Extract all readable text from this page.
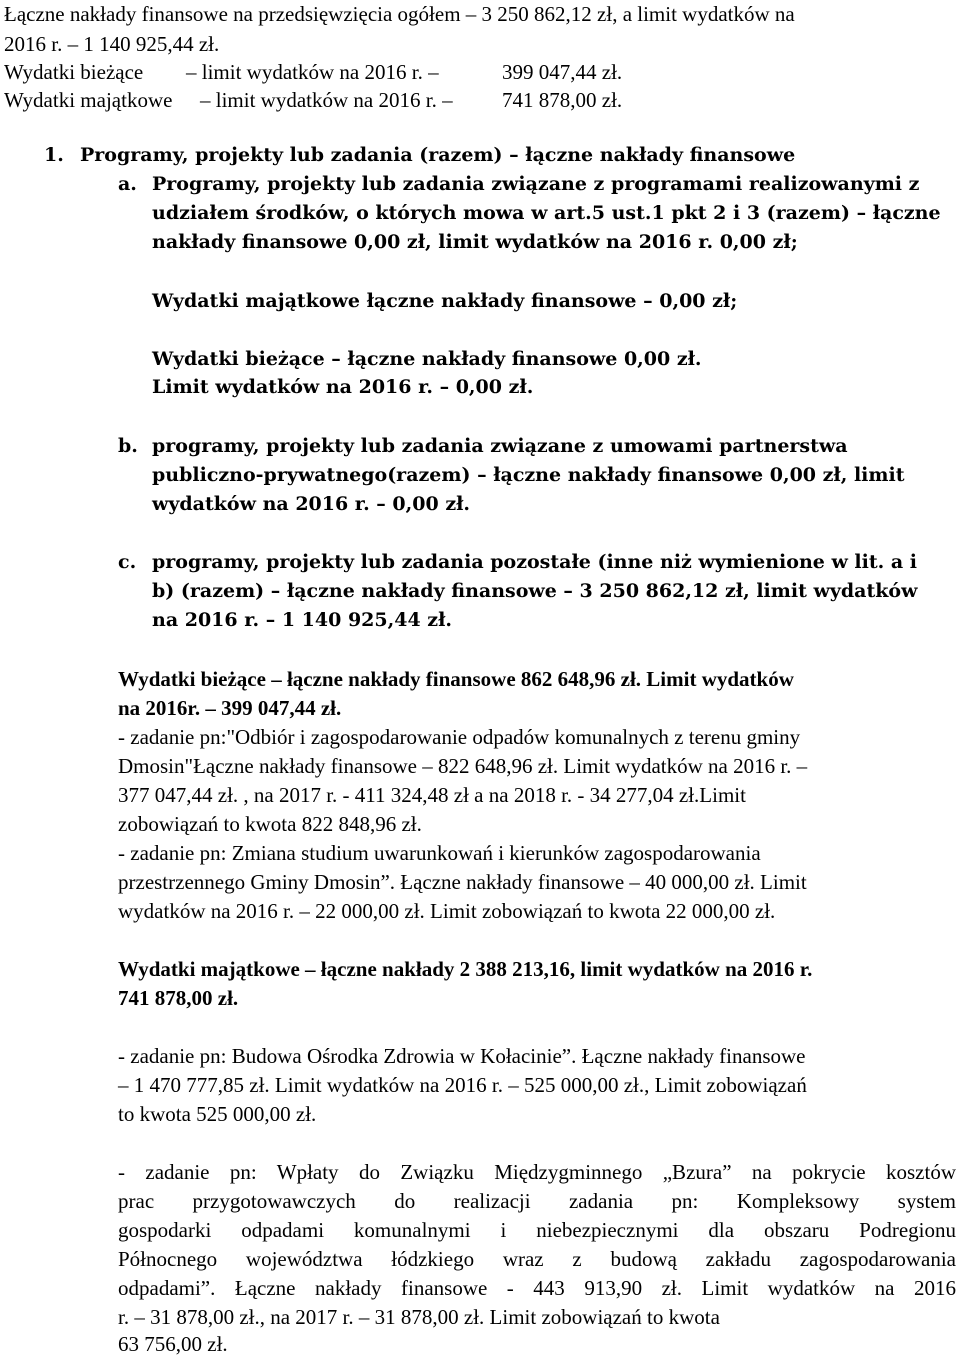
Łączne nakłady finansowe na przedsięwzięcia ogółem – 3 250 862,12 zł, a limit wydatków na
2016 r. – 1 140 925,44 zł.
Wydatki bieżące – limit wydatków na 2016 r. –	399 047,44 zł.
Wydatki majątkowe – limit wydatków na 2016 r. – 741 878,00 zł.
1. Programy, projekty lub zadania (razem) – łączne nakłady finansowe
a. Programy, projekty lub zadania związane z programami realizowanymi z
udziałem środków, o których mowa w art.5 ust.1 pkt 2 i 3 (razem) – łączne
nakłady finansowe 0,00 zł, limit wydatków na 2016 r. 0,00 zł;
Wydatki majątkowe łączne nakłady finansowe – 0,00 zł;
Wydatki bieżące – łączne nakłady finansowe 0,00 zł.
Limit wydatków na 2016 r. – 0,00 zł.
b. programy, projekty lub zadania związane z umowami partnerstwa
publiczno-prywatnego(razem) – łączne nakłady finansowe 0,00 zł, limit
wydatków na 2016 r. – 0,00 zł.
c. programy, projekty lub zadania pozostałe (inne niż wymienione w lit. a i
b) (razem) – łączne nakłady finansowe – 3 250 862,12 zł, limit wydatków
na 2016 r. – 1 140 925,44 zł.
Wydatki bieżące – łączne nakłady finansowe 862 648,96 zł. Limit wydatków
na 2016r. – 399 047,44 zł.
- zadanie pn:"Odbiór i zagospodarowanie odpadów komunalnych z terenu gminy
Dmosin"Łączne nakłady finansowe – 822 648,96 zł. Limit wydatków na 2016 r. –
377 047,44 zł. , na 2017 r. - 411 324,48 zł a na 2018 r. - 34 277,04 zł.Limit
zobowiązań to kwota 822 848,96 zł.
- zadanie pn: Zmiana studium uwarunkowań i kierunków zagospodarowania
przestrzennego Gminy Dmosin”. Łączne nakłady finansowe – 40 000,00 zł. Limit
wydatków na 2016 r. – 22 000,00 zł. Limit zobowiązań to kwota 22 000,00 zł.
Wydatki majątkowe – łączne nakłady 2 388 213,16, limit wydatków na 2016 r.
741 878,00 zł.
- zadanie pn: Budowa Ośrodka Zdrowia w Kołacinie”. Łączne nakłady finansowe
– 1 470 777,85 zł. Limit wydatków na 2016 r. – 525 000,00 zł., Limit zobowiązań
to kwota 525 000,00 zł.
- zadanie pn: Wpłaty do Związku Międzygminnego „Bzura” na pokrycie kosztów
prac przygotowawczych do realizacji zadania pn: Kompleksowy system
gospodarki odpadami komunalnymi i niebezpiecznymi dla obszaru Podregionu
Północnego województwa łódzkiego wraz z budową zakładu zagospodarowania
odpadami”. Łączne nakłady finansowe - 443 913,90 zł. Limit wydatków na 2016
r. – 31 878,00 zł., na 2017 r. – 31 878,00 zł. Limit zobowiązań to kwota
63 756,00 zł.
